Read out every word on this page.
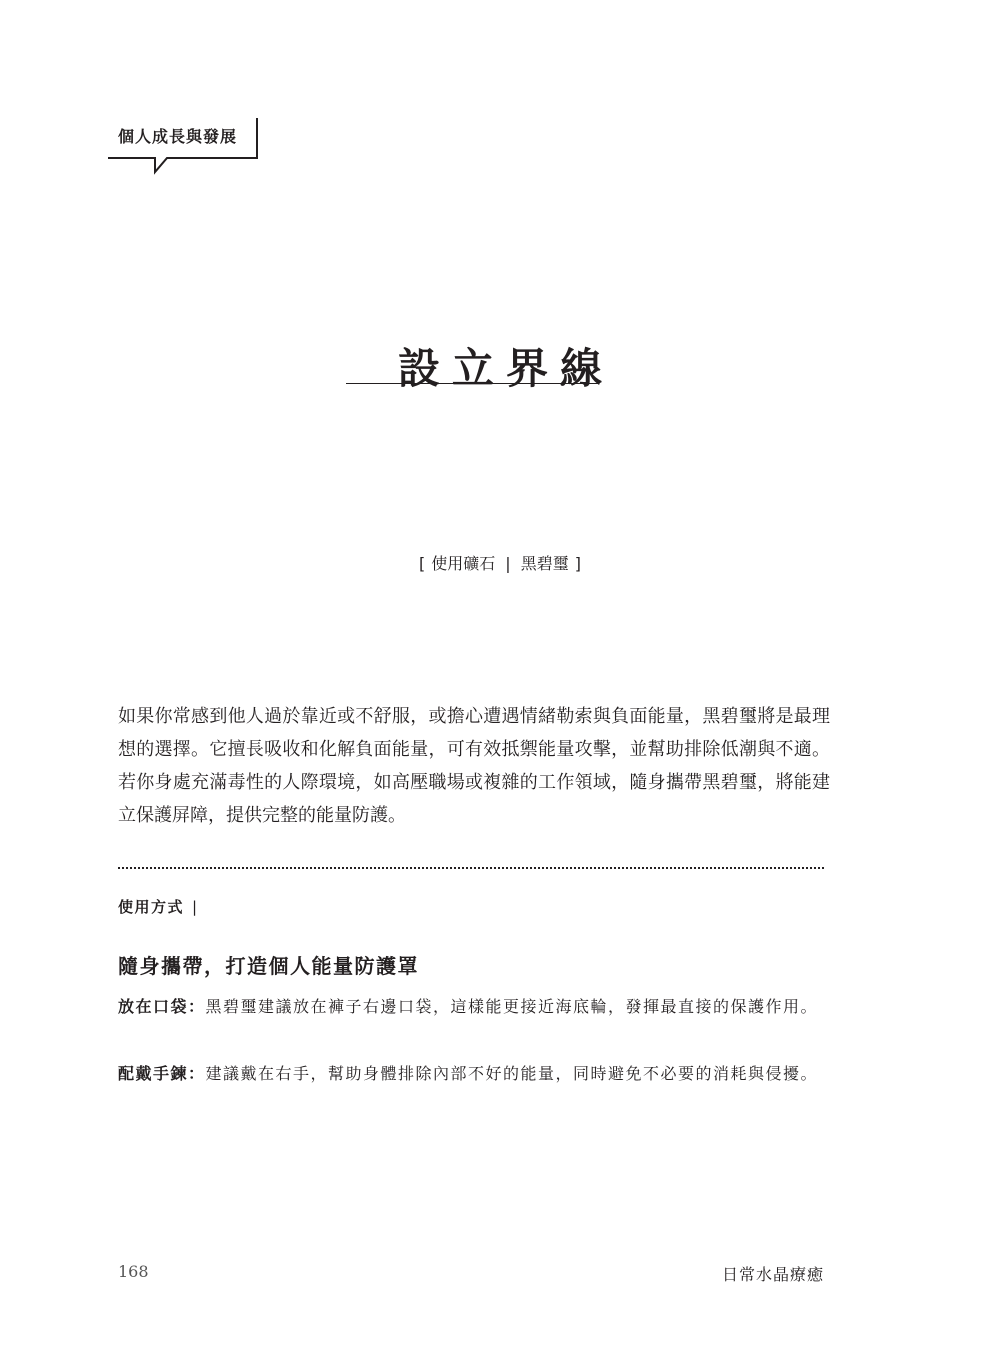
個人成長與發展
設立界線
[ 使用礦石 | 黑碧璽 ]

如果你常感到他人過於靠近或不舒服，或擔心遭遇情緒勒索與負面能量，黑碧璽將是最理想的選擇。它擅長吸收和化解負面能量，可有效抵禦能量攻擊，並幫助排除低潮與不適。若你身處充滿毒性的人際環境，如高壓職場或複雜的工作領域，隨身攜帶黑碧璽，將能建立保護屏障，提供完整的能量防護。

使用方式 |
隨身攜帶，打造個人能量防護罩

放在口袋：黑碧璽建議放在褲子右邊口袋，這樣能更接近海底輪，發揮最直接的保護作用。

配戴手鍊：建議戴在右手，幫助身體排除內部不好的能量，同時避免不必要的消耗與侵擾。

168	日常水晶療癒
